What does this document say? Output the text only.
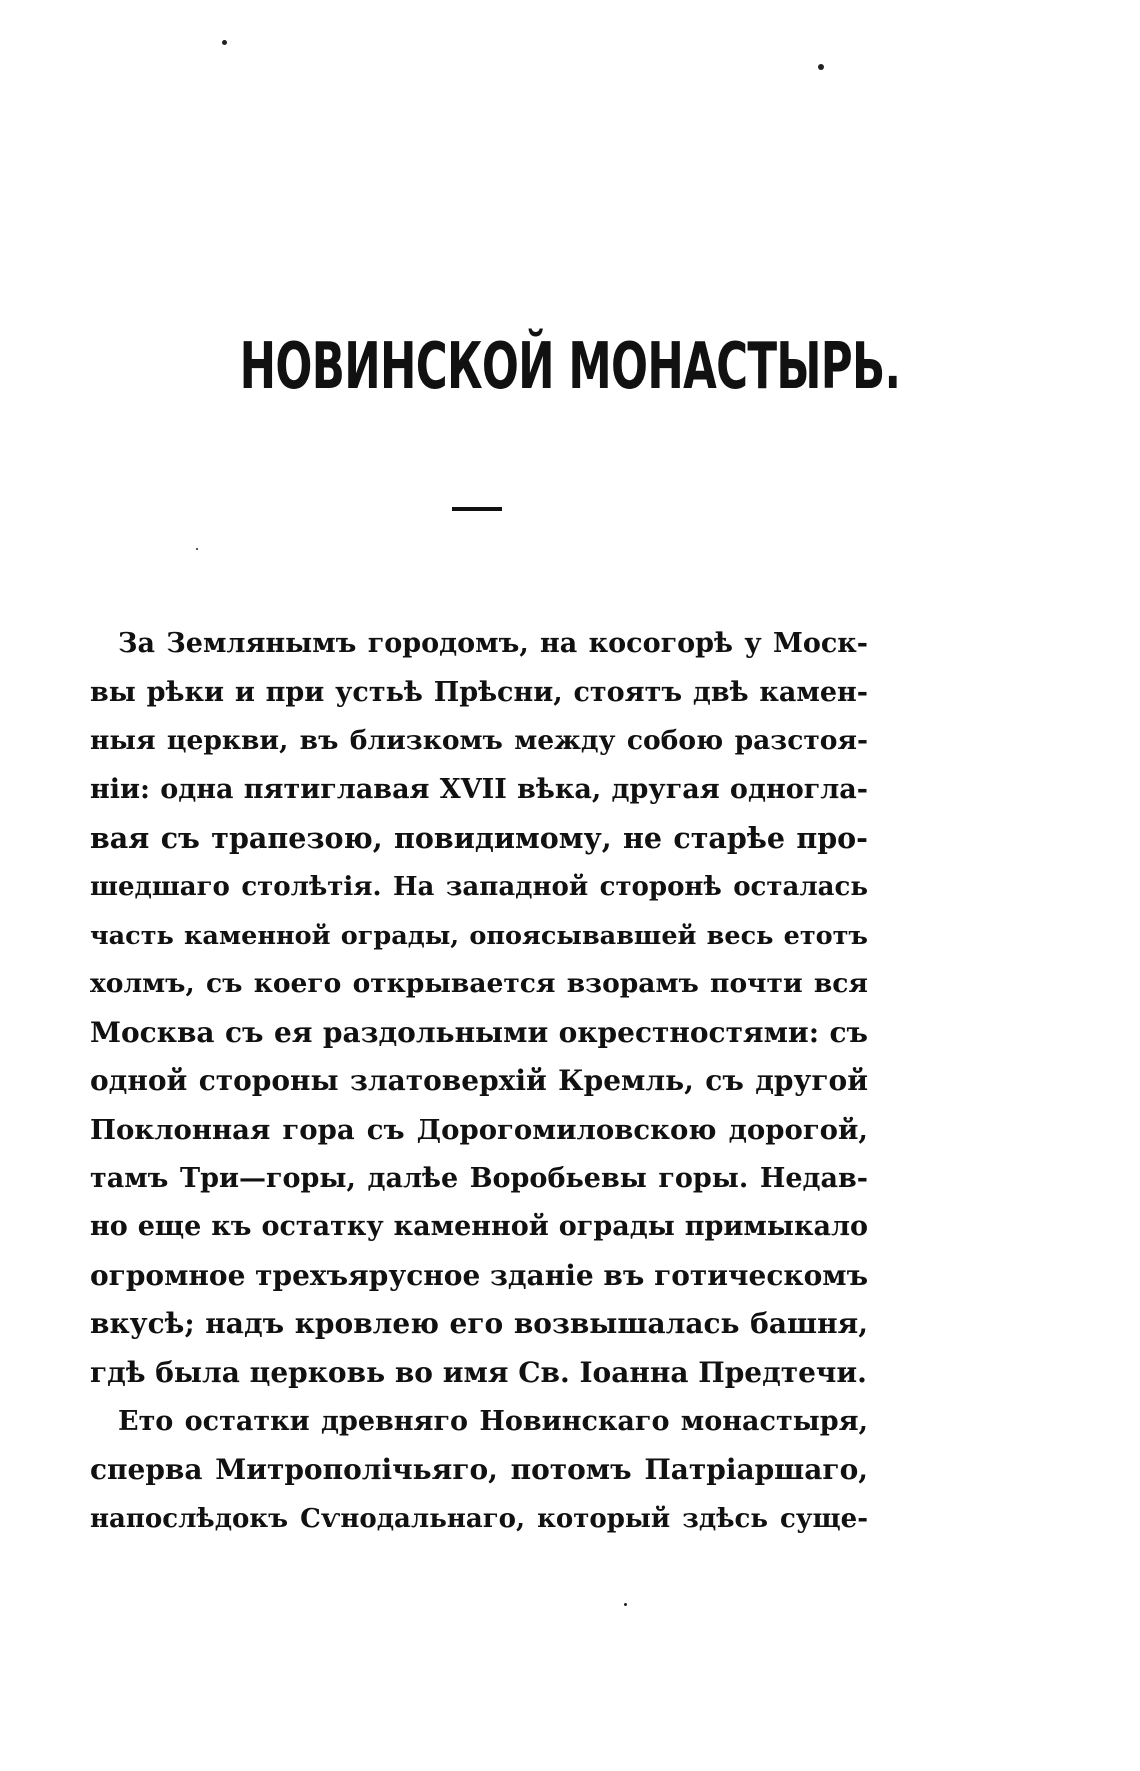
НОВИНСКОЙ МОНАСТЫРЬ.
За Землянымъ городомъ, на косогорѣ у Моск-
вы рѣки и при устьѣ Прѣсни, стоятъ двѣ камен-
ныя церкви, въ близкомъ между собою разстоя-
ніи: одна пятиглавая XVII вѣка, другая одногла-
вая съ трапезою, повидимому, не старѣе про-
шедшаго столѣтія. На западной сторонѣ осталась
часть каменной ограды, опоясывавшей весь етотъ
холмъ, съ коего открывается взорамъ почти вся
Москва съ ея раздольными окрестностями: съ
одной стороны златоверхій Кремль, съ другой
Поклонная гора съ Дорогомиловскою дорогой,
тамъ Три—горы, далѣе Воробьевы горы. Недав-
но еще къ остатку каменной ограды примыкало
огромное трехъярусное зданіе въ готическомъ
вкусѣ; надъ кровлею его возвышалась башня,
гдѣ была церковь во имя Св. Іоанна Предтечи.
Ето остатки древняго Новинскаго монастыря,
сперва Митрополічьяго, потомъ Патріаршаго,
напослѣдокъ Сѵнодальнаго, который здѣсь суще-
